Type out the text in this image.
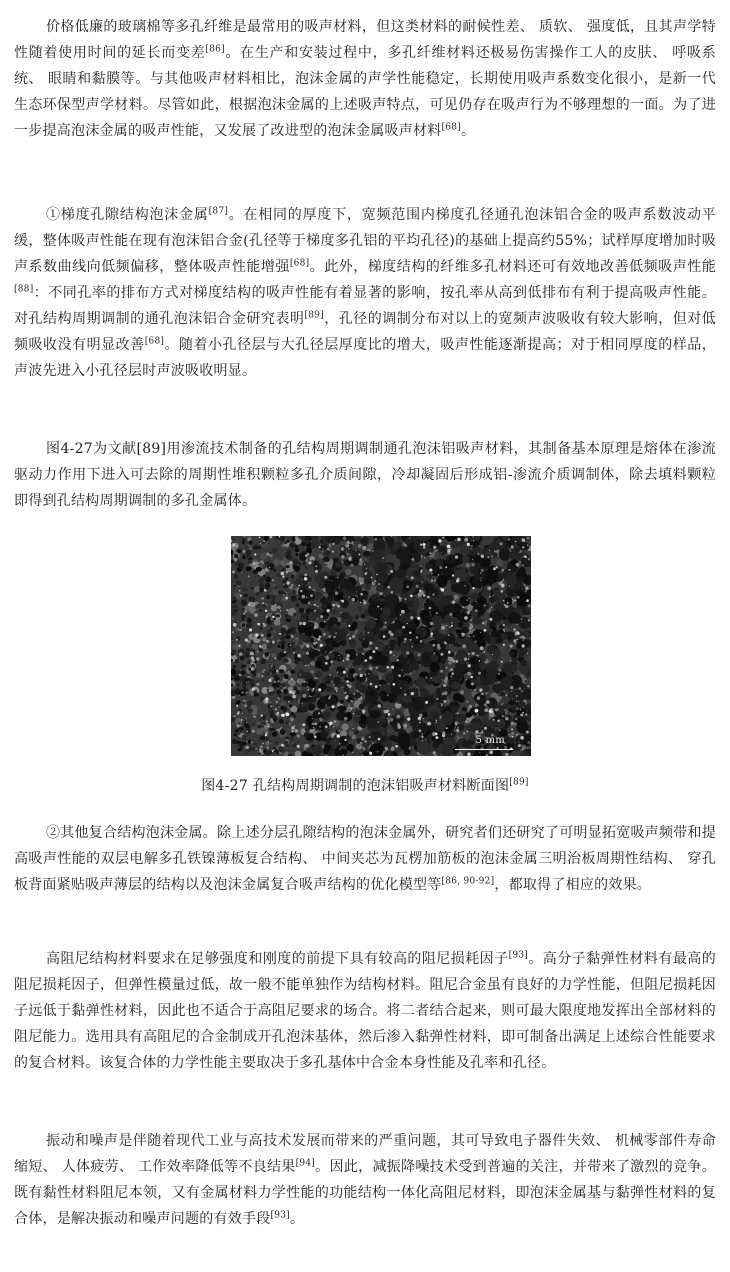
价格低廉的玻璃棉等多孔纤维是最常用的吸声材料，但这类材料的耐候性差、 质软、 强度低，且其声学特性随着使用时间的延长而变差[86]。在生产和安装过程中，多孔纤维材料还极易伤害操作工人的皮肤、 呼吸系统、 眼睛和黏膜等。与其他吸声材料相比，泡沫金属的声学性能稳定，长期使用吸声系数变化很小，是新一代生态环保型声学材料。尽管如此，根据泡沫金属的上述吸声特点，可见仍存在吸声行为不够理想的一面。为了进一步提高泡沫金属的吸声性能，又发展了改进型的泡沫金属吸声材料[68]。

①梯度孔隙结构泡沫金属[87]。在相同的厚度下，宽频范围内梯度孔径通孔泡沫铝合金的吸声系数波动平缓，整体吸声性能在现有泡沫铝合金(孔径等于梯度多孔铝的平均孔径)的基础上提高约55%；试样厚度增加时吸声系数曲线向低频偏移，整体吸声性能增强[68]。此外，梯度结构的纤维多孔材料还可有效地改善低频吸声性能[88]：不同孔率的排布方式对梯度结构的吸声性能有着显著的影响，按孔率从高到低排布有利于提高吸声性能。对孔结构周期调制的通孔泡沫铝合金研究表明[89]，孔径的调制分布对以上的宽频声波吸收有较大影响，但对低频吸收没有明显改善[68]。随着小孔径层与大孔径层厚度比的增大，吸声性能逐渐提高；对于相同厚度的样品，声波先进入小孔径层时声波吸收明显。

图4-27为文献[89]用渗流技术制备的孔结构周期调制通孔泡沫铝吸声材料，其制备基本原理是熔体在渗流驱动力作用下进入可去除的周期性堆积颗粒多孔介质间隙，冷却凝固后形成铝-渗流介质调制体，除去填料颗粒即得到孔结构周期调制的多孔金属体。

5 mm
图4-27 孔结构周期调制的泡沫铝吸声材料断面图[89]

②其他复合结构泡沫金属。除上述分层孔隙结构的泡沫金属外，研究者们还研究了可明显拓宽吸声频带和提高吸声性能的双层电解多孔铁镍薄板复合结构、 中间夹芯为瓦楞加筋板的泡沫金属三明治板周期性结构、 穿孔板背面紧贴吸声薄层的结构以及泡沫金属复合吸声结构的优化模型等[86, 90-92]，都取得了相应的效果。

高阻尼结构材料要求在足够强度和刚度的前提下具有较高的阻尼损耗因子[93]。高分子黏弹性材料有最高的阻尼损耗因子，但弹性模量过低，故一般不能单独作为结构材料。阻尼合金虽有良好的力学性能，但阻尼损耗因子远低于黏弹性材料，因此也不适合于高阻尼要求的场合。将二者结合起来，则可最大限度地发挥出全部材料的阻尼能力。选用具有高阻尼的合金制成开孔泡沫基体，然后渗入黏弹性材料，即可制备出满足上述综合性能要求的复合材料。该复合体的力学性能主要取决于多孔基体中合金本身性能及孔率和孔径。

振动和噪声是伴随着现代工业与高技术发展而带来的严重问题，其可导致电子器件失效、 机械零部件寿命缩短、 人体疲劳、 工作效率降低等不良结果[94]。因此，减振降噪技术受到普遍的关注，并带来了激烈的竞争。既有黏性材料阻尼本领，又有金属材料力学性能的功能结构一体化高阻尼材料，即泡沫金属基与黏弹性材料的复合体，是解决振动和噪声问题的有效手段[93]。
